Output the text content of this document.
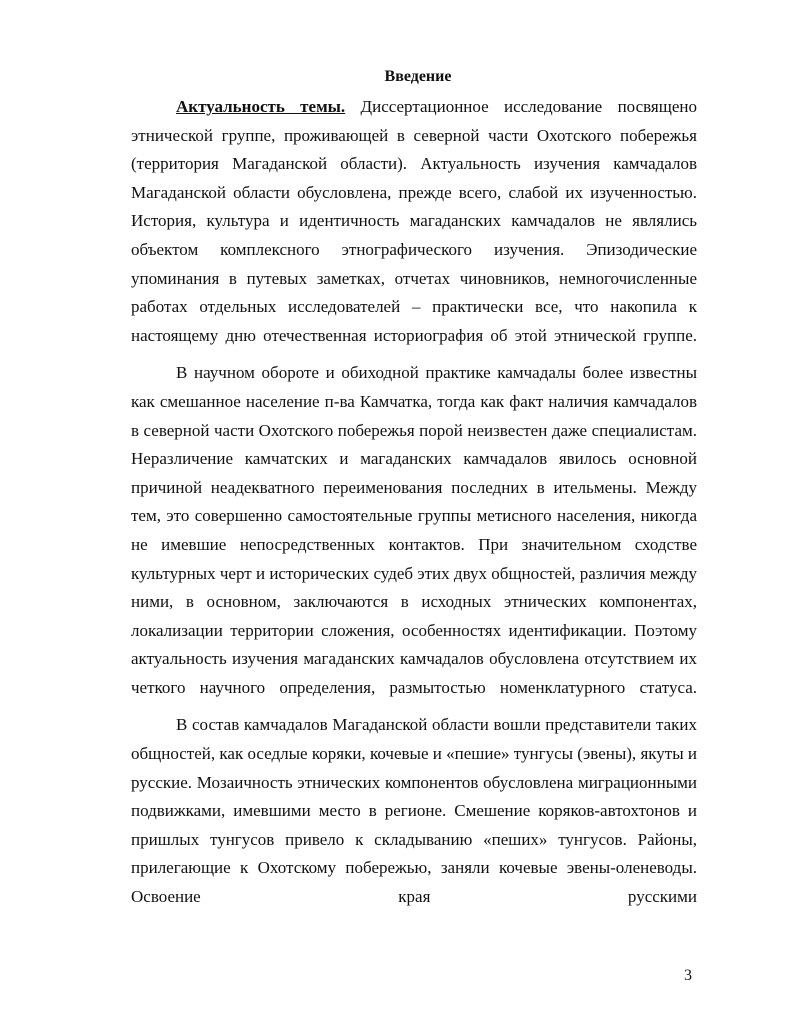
Введение

Актуальность темы. Диссертационное исследование посвящено этнической группе, проживающей в северной части Охотского побережья (территория Магаданской области). Актуальность изучения камчадалов Магаданской области обусловлена, прежде всего, слабой их изученностью. История, культура и идентичность магаданских камчадалов не являлись объектом комплексного этнографического изучения. Эпизодические упоминания в путевых заметках, отчетах чиновников, немногочисленные работах отдельных исследователей – практически все, что накопила к настоящему дню отечественная историография об этой этнической группе.

В научном обороте и обиходной практике камчадалы более известны как смешанное население п-ва Камчатка, тогда как факт наличия камчадалов в северной части Охотского побережья порой неизвестен даже специалистам. Неразличение камчатских и магаданских камчадалов явилось основной причиной неадекватного переименования последних в ительмены. Между тем, это совершенно самостоятельные группы метисного населения, никогда не имевшие непосредственных контактов. При значительном сходстве культурных черт и исторических судеб этих двух общностей, различия между ними, в основном, заключаются в исходных этнических компонентах, локализации территории сложения, особенностях идентификации. Поэтому актуальность изучения магаданских камчадалов обусловлена отсутствием их четкого научного определения, размытостью номенклатурного статуса.

В состав камчадалов Магаданской области вошли представители таких общностей, как оседлые коряки, кочевые и «пешие» тунгусы (эвены), якуты и русские. Мозаичность этнических компонентов обусловлена миграционными подвижками, имевшими место в регионе. Смешение коряков-автохтонов и пришлых тунгусов привело к складыванию «пеших» тунгусов. Районы, прилегающие к Охотскому побережью, заняли кочевые эвены-оленеводы. Освоение края русскими

3
